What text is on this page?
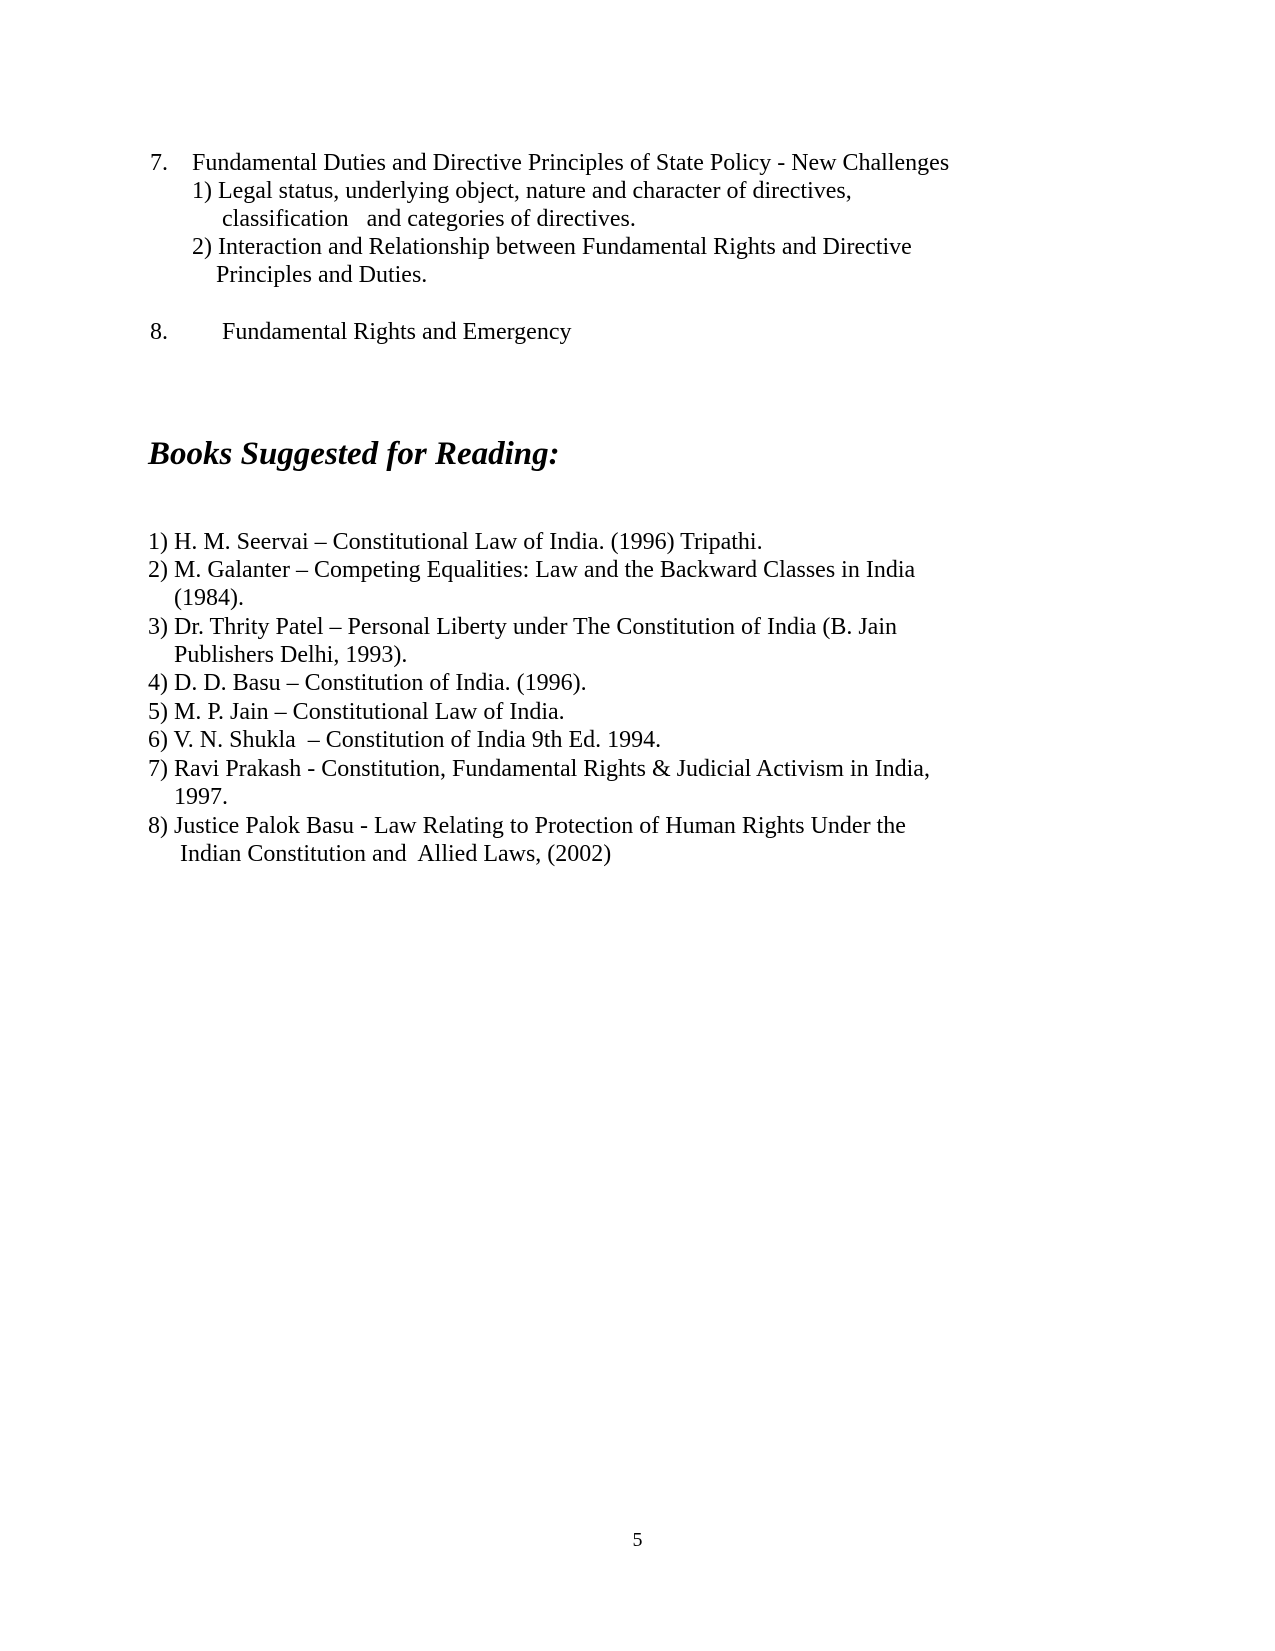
7. Fundamental Duties and Directive Principles of State Policy - New Challenges
1) Legal status, underlying object, nature and character of directives,
classification   and categories of directives.
2) Interaction and Relationship between Fundamental Rights and Directive
Principles and Duties.
8. Fundamental Rights and Emergency
Books Suggested for Reading:
1) H. M. Seervai – Constitutional Law of India. (1996) Tripathi.
2) M. Galanter – Competing Equalities: Law and the Backward Classes in India
(1984).
3) Dr. Thrity Patel – Personal Liberty under The Constitution of India (B. Jain
Publishers Delhi, 1993).
4) D. D. Basu – Constitution of India. (1996).
5) M. P. Jain – Constitutional Law of India.
6) V. N. Shukla  – Constitution of India 9th Ed. 1994.
7) Ravi Prakash - Constitution, Fundamental Rights & Judicial Activism in India,
1997.
8) Justice Palok Basu - Law Relating to Protection of Human Rights Under the
Indian Constitution and  Allied Laws, (2002)
5
